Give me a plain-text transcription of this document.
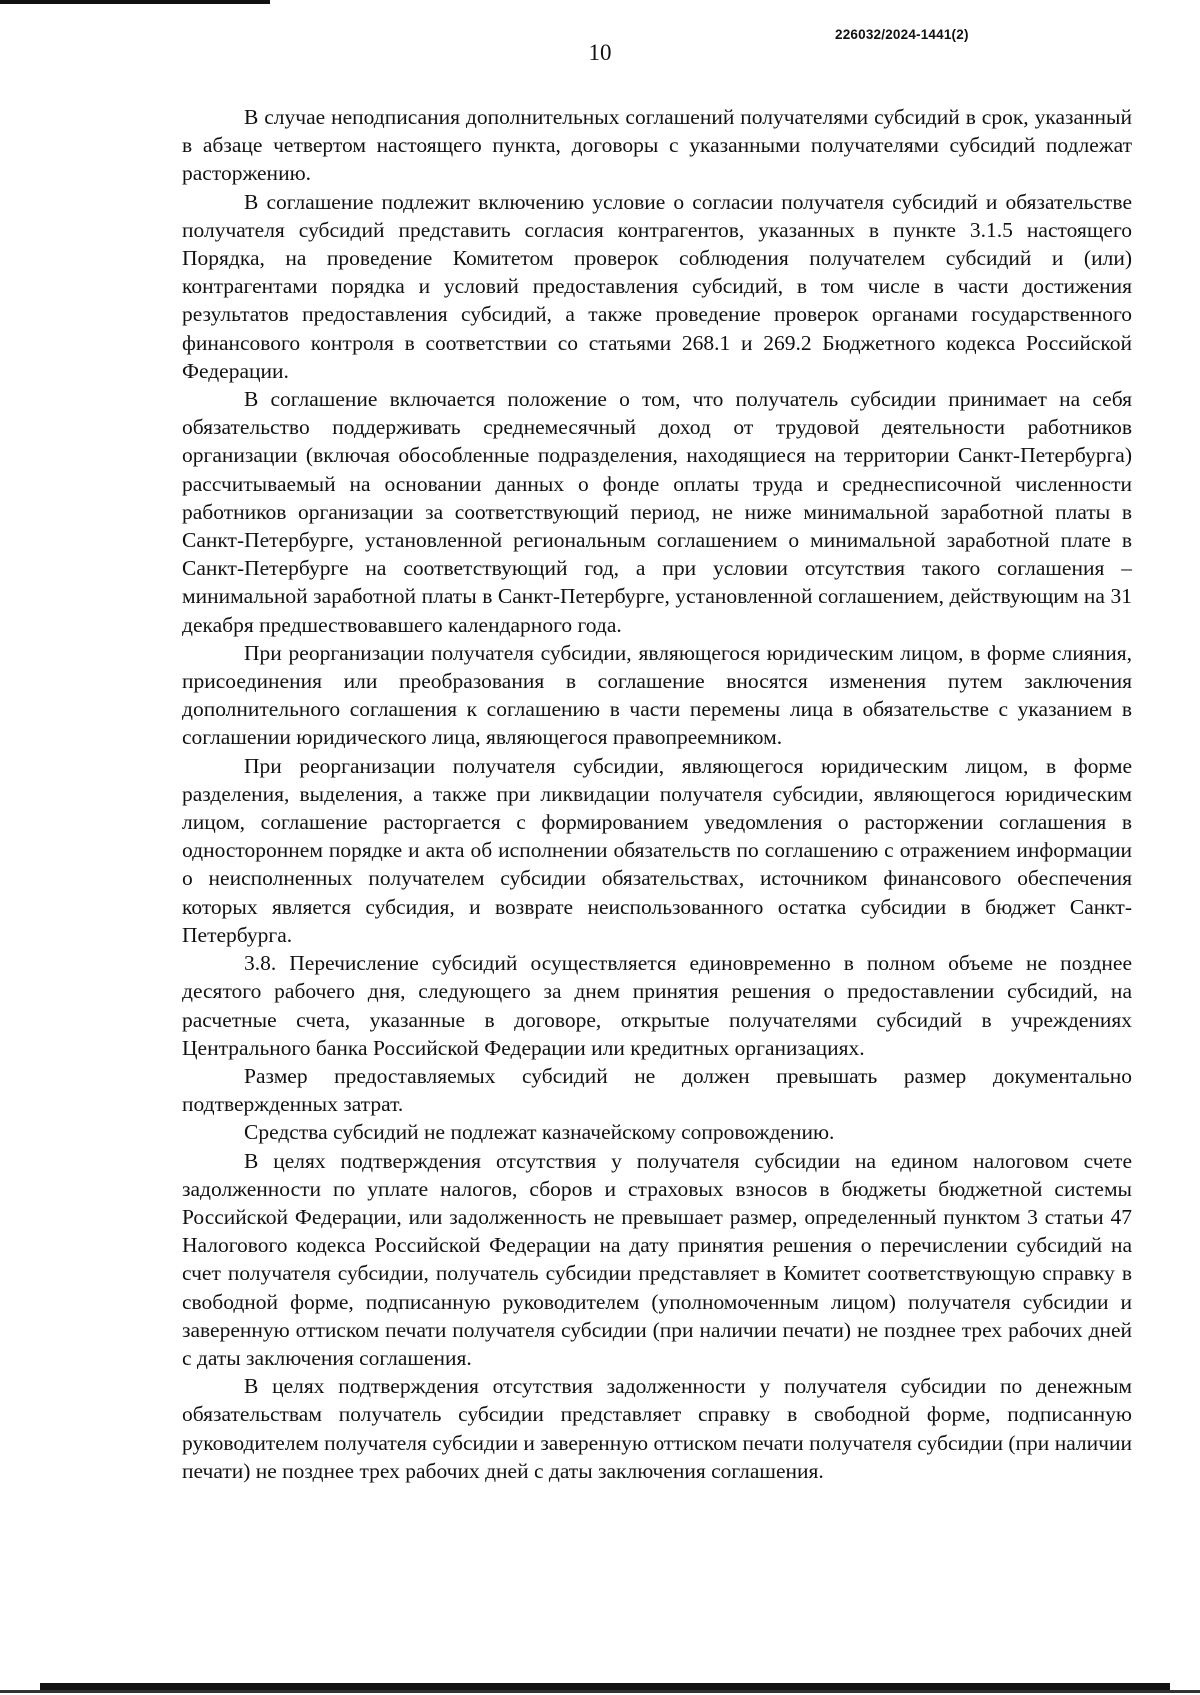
226032/2024-1441(2)
10

В случае неподписания дополнительных соглашений получателями субсидий в срок, указанный в абзаце четвертом настоящего пункта, договоры с указанными получателями субсидий подлежат расторжению.

В соглашение подлежит включению условие о согласии получателя субсидий и обязательстве получателя субсидий представить согласия контрагентов, указанных в пункте 3.1.5 настоящего Порядка, на проведение Комитетом проверок соблюдения получателем субсидий и (или) контрагентами порядка и условий предоставления субсидий, в том числе в части достижения результатов предоставления субсидий, а также проведение проверок органами государственного финансового контроля в соответствии со статьями 268.1 и 269.2 Бюджетного кодекса Российской Федерации.

В соглашение включается положение о том, что получатель субсидии принимает на себя обязательство поддерживать среднемесячный доход от трудовой деятельности работников организации (включая обособленные подразделения, находящиеся на территории Санкт-Петербурга) рассчитываемый на основании данных о фонде оплаты труда и среднесписочной численности работников организации за соответствующий период, не ниже минимальной заработной платы в Санкт-Петербурге, установленной региональным соглашением о минимальной заработной плате в Санкт-Петербурге на соответствующий год, а при условии отсутствия такого соглашения – минимальной заработной платы в Санкт-Петербурге, установленной соглашением, действующим на 31 декабря предшествовавшего календарного года.

При реорганизации получателя субсидии, являющегося юридическим лицом, в форме слияния, присоединения или преобразования в соглашение вносятся изменения путем заключения дополнительного соглашения к соглашению в части перемены лица в обязательстве с указанием в соглашении юридического лица, являющегося правопреемником.

При реорганизации получателя субсидии, являющегося юридическим лицом, в форме разделения, выделения, а также при ликвидации получателя субсидии, являющегося юридическим лицом, соглашение расторгается с формированием уведомления о расторжении соглашения в одностороннем порядке и акта об исполнении обязательств по соглашению с отражением информации о неисполненных получателем субсидии обязательствах, источником финансового обеспечения которых является субсидия, и возврате неиспользованного остатка субсидии в бюджет Санкт-Петербурга.

3.8. Перечисление субсидий осуществляется единовременно в полном объеме не позднее десятого рабочего дня, следующего за днем принятия решения о предоставлении субсидий, на расчетные счета, указанные в договоре, открытые получателями субсидий в учреждениях Центрального банка Российской Федерации или кредитных организациях.

Размер предоставляемых субсидий не должен превышать размер документально подтвержденных затрат.

Средства субсидий не подлежат казначейскому сопровождению.

В целях подтверждения отсутствия у получателя субсидии на едином налоговом счете задолженности по уплате налогов, сборов и страховых взносов в бюджеты бюджетной системы Российской Федерации, или задолженность не превышает размер, определенный пунктом 3 статьи 47 Налогового кодекса Российской Федерации на дату принятия решения о перечислении субсидий на счет получателя субсидии, получатель субсидии представляет в Комитет соответствующую справку в свободной форме, подписанную руководителем (уполномоченным лицом) получателя субсидии и заверенную оттиском печати получателя субсидии (при наличии печати) не позднее трех рабочих дней с даты заключения соглашения.

В целях подтверждения отсутствия задолженности у получателя субсидии по денежным обязательствам получатель субсидии представляет справку в свободной форме, подписанную руководителем получателя субсидии и заверенную оттиском печати получателя субсидии (при наличии печати) не позднее трех рабочих дней с даты заключения соглашения.
